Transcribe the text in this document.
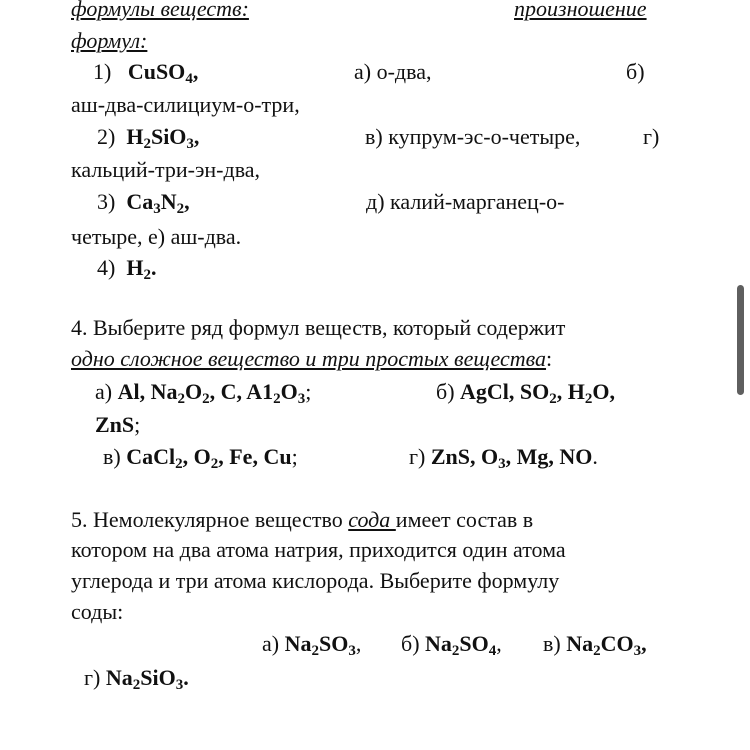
формулы веществ:	произношение
формул:
1) CuSO$_4$,	а) о-два,	б)
аш-два-силициум-о-три,
2) $H_2SiO_3$,	в) купрум-эс-о-четыре,	г)
кальций-три-эн-два,
3) $Ca_3N_2$,	д) калий-марганец-о-
четыре, е) аш-два.
4) $H_2$.
4. Выберите ряд формул веществ, который содержит
одно сложное вещество и три простых вещества:
а) Al, $Na_2O_2$, C, $A1_2O_3$;	б) AgCl, $SO_2$, $H_2O$,
ZnS;
в) CaCl$_2$, $O_2$, Fe, Cu;	г) ZnS, $O_3$, Mg, NO.
5. Немолекулярное вещество сода имеет состав в
котором на два атома натрия, приходится один атома
углерода и три атома кислорода. Выберите формулу
соды:
а) $Na_2SO_3$, б) $Na_2SO_4$, в) $Na_2CO_3$,
г) $Na_2SiO_3$.
